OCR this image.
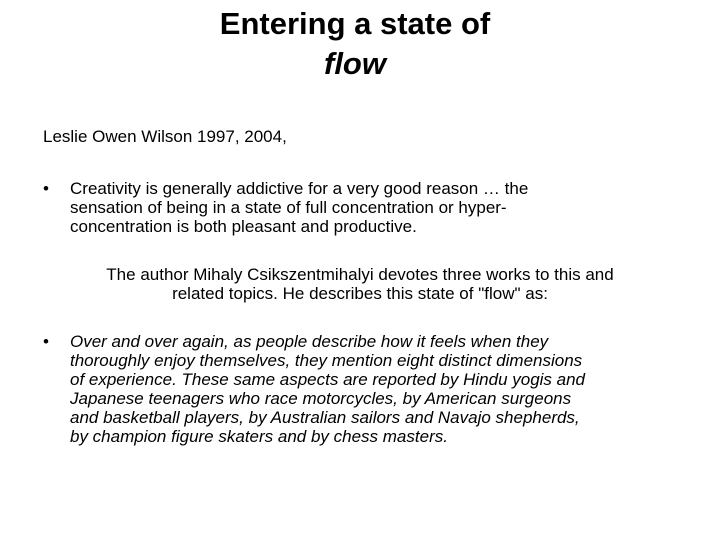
Entering a state of
flow
Leslie Owen Wilson 1997, 2004,
•	Creativity is generally addictive for a very good reason … the
sensation of being in a state of full concentration or hyper-
concentration is both pleasant and productive.
The author Mihaly Csikszentmihalyi devotes three works to this and
related topics. He describes this state of "flow" as:
•	Over and over again, as people describe how it feels when they
thoroughly enjoy themselves, they mention eight distinct dimensions
of experience. These same aspects are reported by Hindu yogis and
Japanese teenagers who race motorcycles, by American surgeons
and basketball players, by Australian sailors and Navajo shepherds,
by champion figure skaters and by chess masters.
